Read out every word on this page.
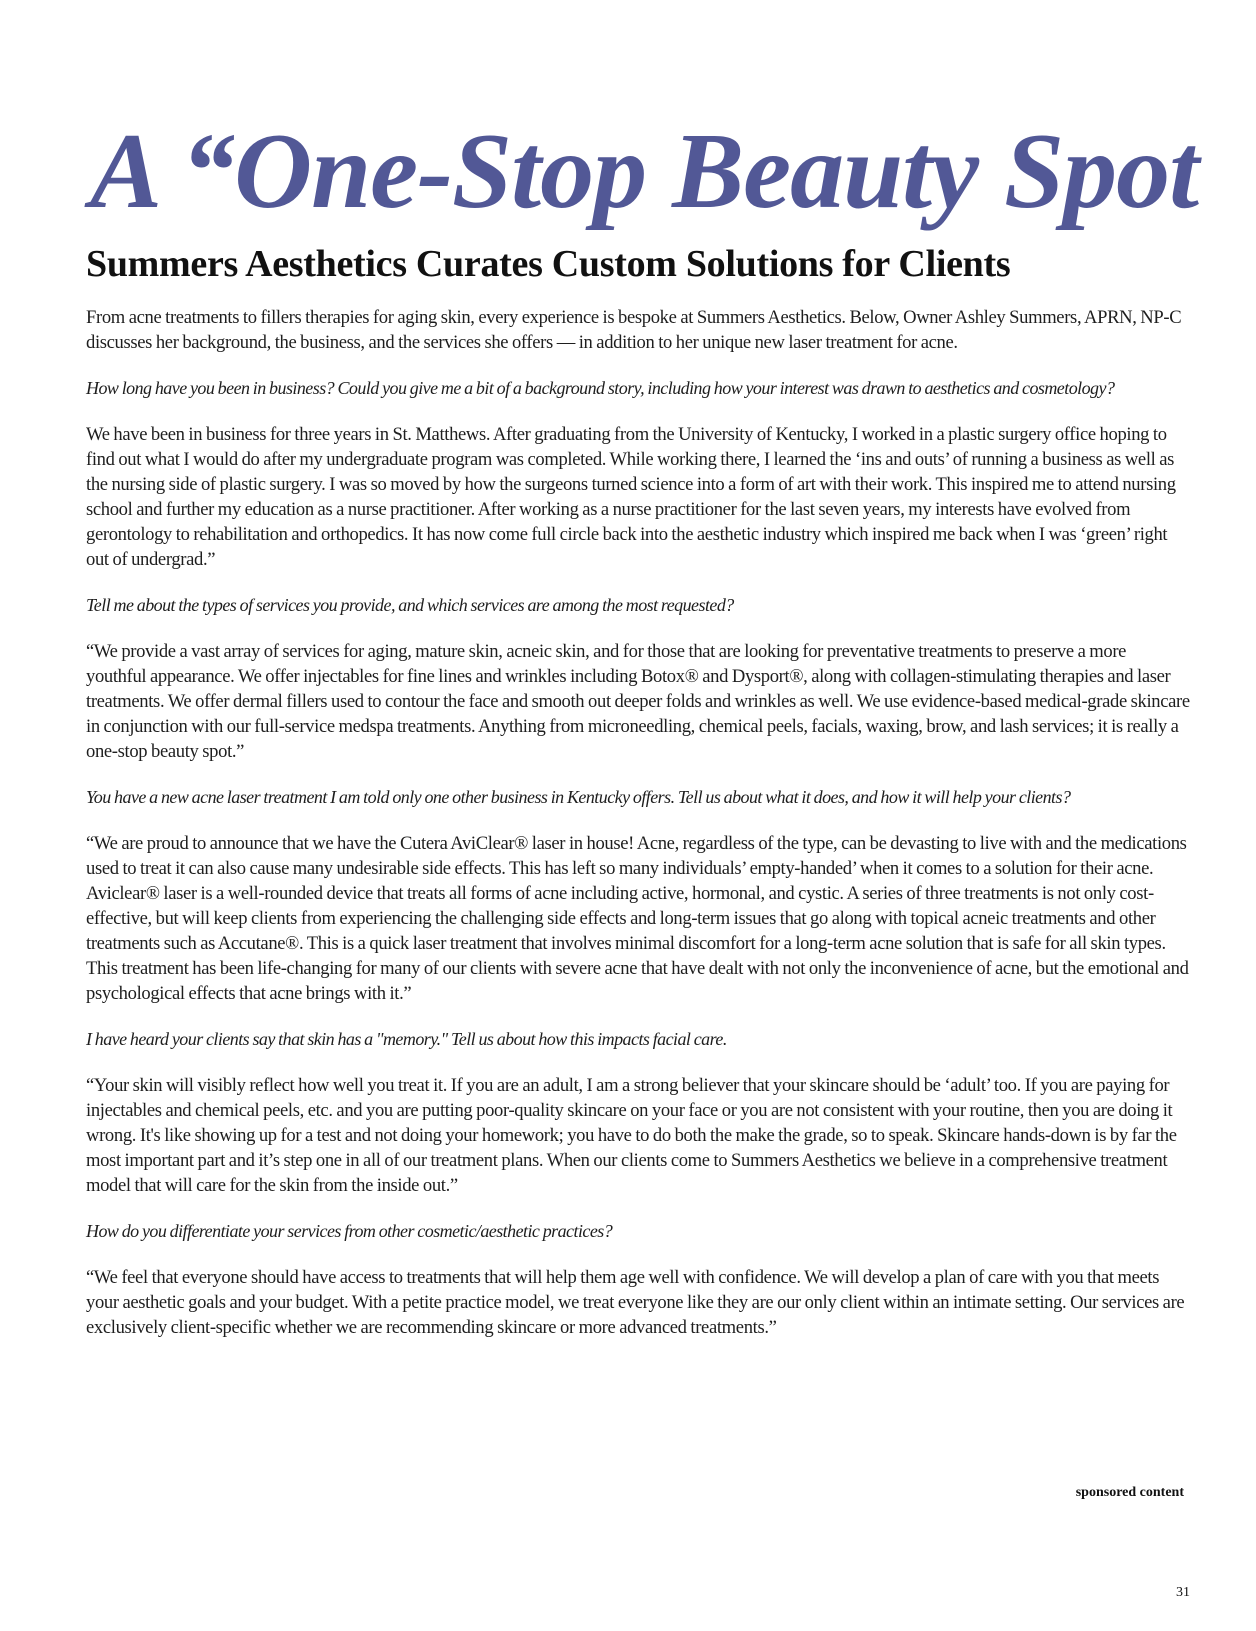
A “One-Stop Beauty Spot
Summers Aesthetics Curates Custom Solutions for Clients

From acne treatments to fillers therapies for aging skin, every experience is bespoke at Summers Aesthetics. Below, Owner Ashley Summers, APRN, NP-C discusses her background, the business, and the services she offers — in addition to her unique new laser treatment for acne.

How long have you been in business? Could you give me a bit of a background story, including how your interest was drawn to aesthetics and cosmetology?

We have been in business for three years in St. Matthews. After graduating from the University of Kentucky, I worked in a plastic surgery office hoping to find out what I would do after my undergraduate program was completed. While working there, I learned the ‘ins and outs’ of running a business as well as the nursing side of plastic surgery. I was so moved by how the surgeons turned science into a form of art with their work. This inspired me to attend nursing school and further my education as a nurse practitioner. After working as a nurse practitioner for the last seven years, my interests have evolved from gerontology to rehabilitation and orthopedics. It has now come full circle back into the aesthetic industry which inspired me back when I was ‘green’ right out of undergrad.”

Tell me about the types of services you provide, and which services are among the most requested?

“We provide a vast array of services for aging, mature skin, acneic skin, and for those that are looking for preventative treatments to preserve a more youthful appearance. We offer injectables for fine lines and wrinkles including Botox® and Dysport®, along with collagen-stimulating therapies and laser treatments. We offer dermal fillers used to contour the face and smooth out deeper folds and wrinkles as well. We use evidence-based medical-grade skincare in conjunction with our full-service medspa treatments. Anything from microneedling, chemical peels, facials, waxing, brow, and lash services; it is really a one-stop beauty spot.”

You have a new acne laser treatment I am told only one other business in Kentucky offers. Tell us about what it does, and how it will help your clients?

“We are proud to announce that we have the Cutera AviClear® laser in house! Acne, regardless of the type, can be devasting to live with and the medications used to treat it can also cause many undesirable side effects. This has left so many individuals’ empty-handed’ when it comes to a solution for their acne. Aviclear® laser is a well-rounded device that treats all forms of acne including active, hormonal, and cystic. A series of three treatments is not only cost-effective, but will keep clients from experiencing the challenging side effects and long-term issues that go along with topical acneic treatments and other treatments such as Accutane®. This is a quick laser treatment that involves minimal discomfort for a long-term acne solution that is safe for all skin types. This treatment has been life-changing for many of our clients with severe acne that have dealt with not only the inconvenience of acne, but the emotional and psychological effects that acne brings with it.”

I have heard your clients say that skin has a "memory." Tell us about how this impacts facial care.

“Your skin will visibly reflect how well you treat it. If you are an adult, I am a strong believer that your skincare should be ‘adult’ too. If you are paying for injectables and chemical peels, etc. and you are putting poor-quality skincare on your face or you are not consistent with your routine, then you are doing it wrong. It's like showing up for a test and not doing your homework; you have to do both the make the grade, so to speak. Skincare hands-down is by far the most important part and it’s step one in all of our treatment plans. When our clients come to Summers Aesthetics we believe in a comprehensive treatment model that will care for the skin from the inside out.”

How do you differentiate your services from other cosmetic/aesthetic practices?

“We feel that everyone should have access to treatments that will help them age well with confidence. We will develop a plan of care with you that meets your aesthetic goals and your budget. With a petite practice model, we treat everyone like they are our only client within an intimate setting. Our services are exclusively client-specific whether we are recommending skincare or more advanced treatments.”

sponsored content

31
